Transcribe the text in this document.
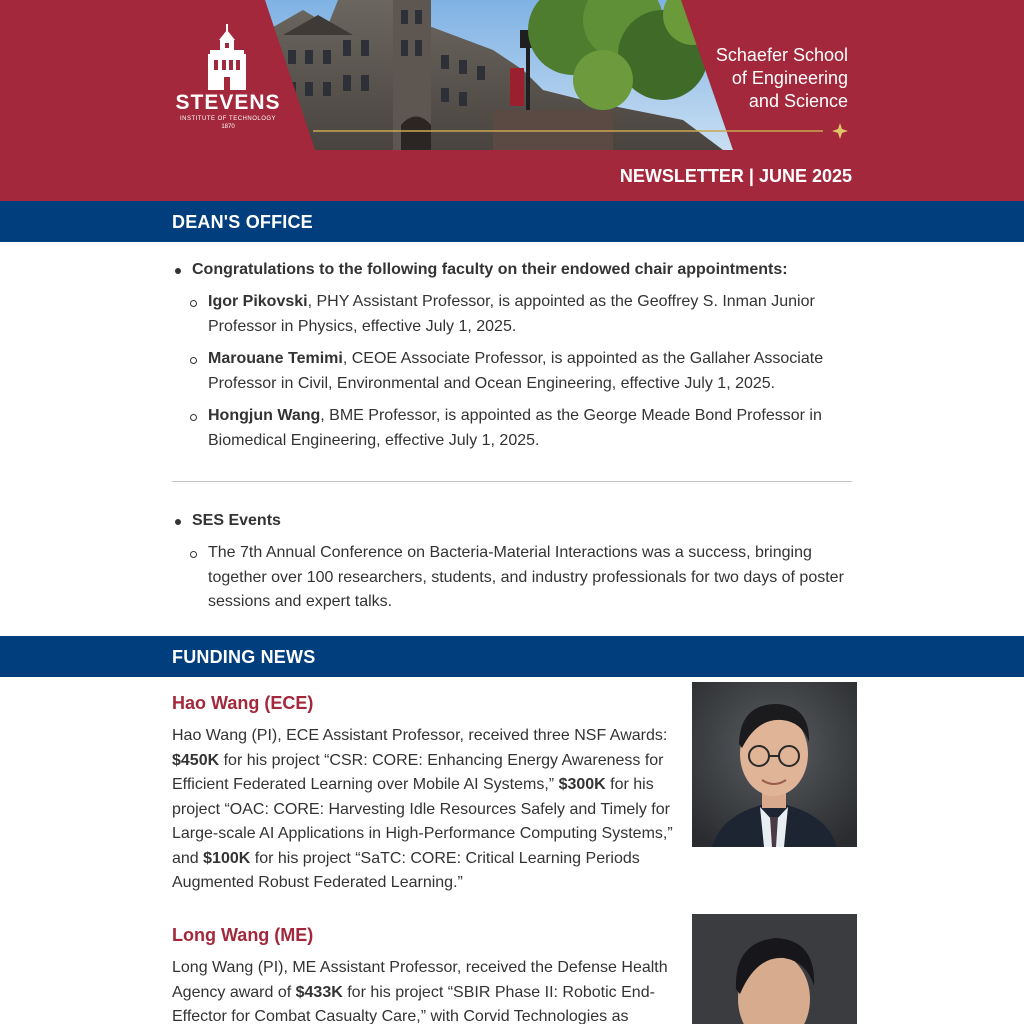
STEVENS
INSTITUTE OF TECHNOLOGY
1870
Schaefer School
of Engineering
and Science
NEWSLETTER | JUNE 2025
DEAN'S OFFICE
Congratulations to the following faculty on their endowed chair appointments:
Igor Pikovski, PHY Assistant Professor, is appointed as the Geoffrey S. Inman Junior Professor in Physics, effective July 1, 2025.
Marouane Temimi, CEOE Associate Professor, is appointed as the Gallaher Associate Professor in Civil, Environmental and Ocean Engineering, effective July 1, 2025.
Hongjun Wang, BME Professor, is appointed as the George Meade Bond Professor in Biomedical Engineering, effective July 1, 2025.
SES Events
The 7th Annual Conference on Bacteria-Material Interactions was a success, bringing together over 100 researchers, students, and industry professionals for two days of poster sessions and expert talks.
FUNDING NEWS
Hao Wang (ECE)
Hao Wang (PI), ECE Assistant Professor, received three NSF Awards: $450K for his project “CSR: CORE: Enhancing Energy Awareness for Efficient Federated Learning over Mobile AI Systems,” $300K for his project “OAC: CORE: Harvesting Idle Resources Safely and Timely for Large-scale AI Applications in High-Performance Computing Systems,” and $100K for his project “SaTC: CORE: Critical Learning Periods Augmented Robust Federated Learning.”
Long Wang (ME)
Long Wang (PI), ME Assistant Professor, received the Defense Health Agency award of $433K for his project “SBIR Phase II: Robotic End-Effector for Combat Casualty Care,” with Corvid Technologies as
